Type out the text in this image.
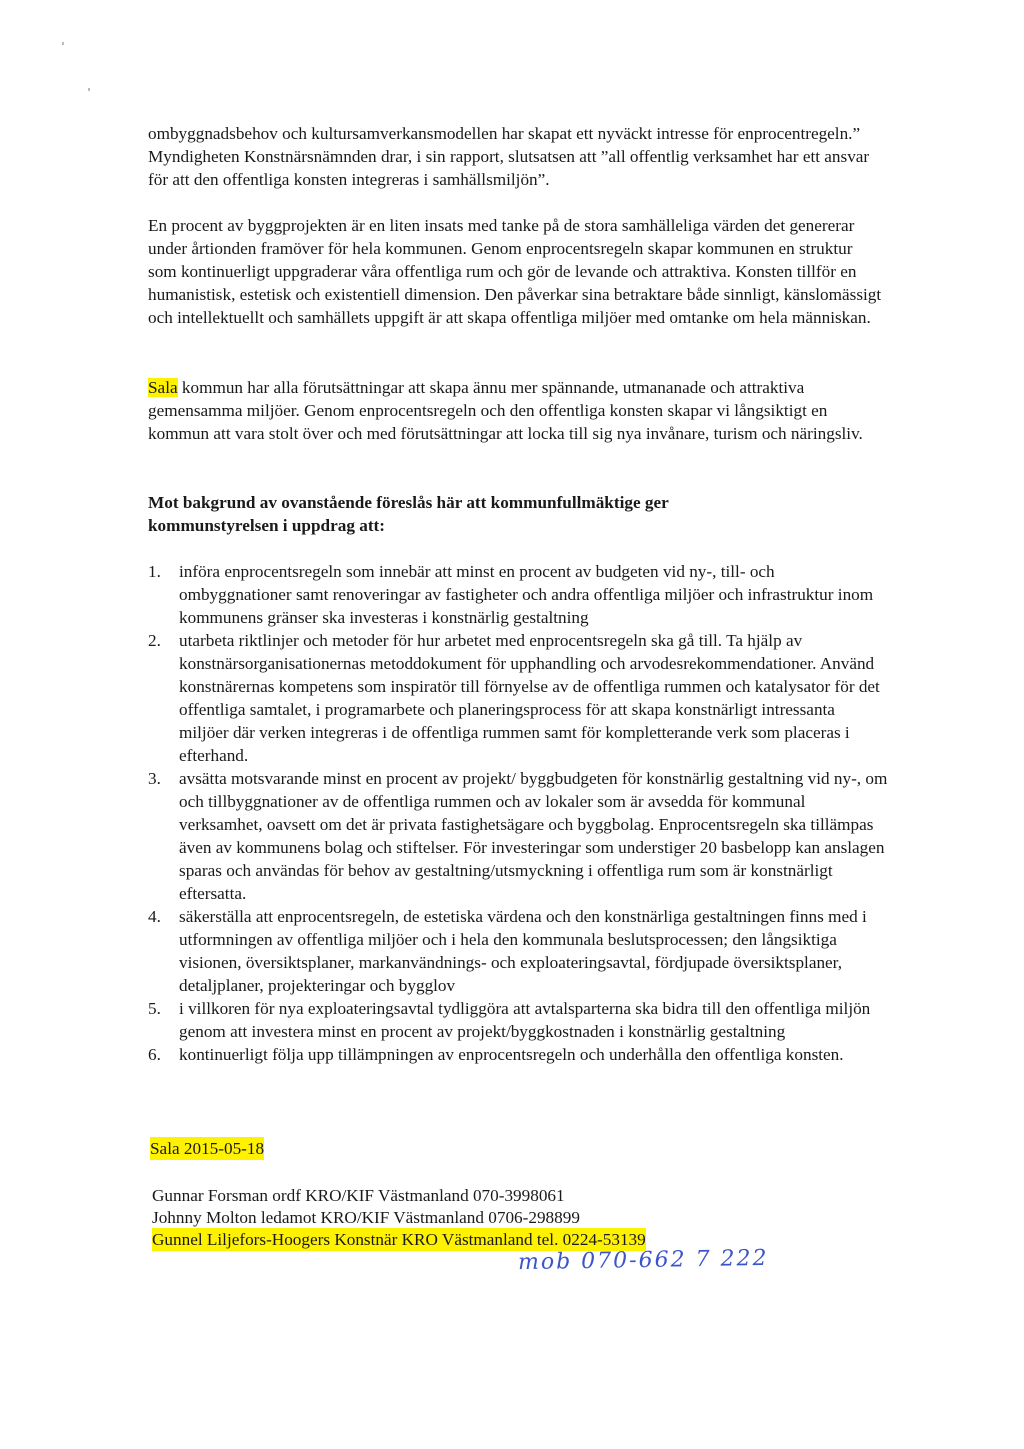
ombyggnadsbehov och kultursamverkansmodellen har skapat ett nyväckt intresse för enprocentregeln.” Myndigheten Konstnärsnämnden drar, i sin rapport, slutsatsen att ”all offentlig verksamhet har ett ansvar för att den offentliga konsten integreras i samhällsmiljön”.

En procent av byggprojekten är en liten insats med tanke på de stora samhälleliga värden det genererar under årtionden framöver för hela kommunen. Genom enprocentsregeln skapar kommunen en struktur som kontinuerligt uppgraderar våra offentliga rum och gör de levande och attraktiva. Konsten tillför en humanistisk, estetisk och existentiell dimension. Den påverkar sina betraktare både sinnligt, känslomässigt och intellektuellt och samhällets uppgift är att skapa offentliga miljöer med omtanke om hela människan.

Sala kommun har alla förutsättningar att skapa ännu mer spännande, utmananade och attraktiva gemensamma miljöer. Genom enprocentsregeln och den offentliga konsten skapar vi långsiktigt en kommun att vara stolt över och med förutsättningar att locka till sig nya invånare, turism och näringsliv.

Mot bakgrund av ovanstående föreslås här att kommunfullmäktige ger kommunstyrelsen i uppdrag att:

1. införa enprocentsregeln som innebär att minst en procent av budgeten vid ny-, till- och ombyggnationer samt renoveringar av fastigheter och andra offentliga miljöer och infrastruktur inom kommunens gränser ska investeras i konstnärlig gestaltning
2. utarbeta riktlinjer och metoder för hur arbetet med enprocentsregeln ska gå till. Ta hjälp av konstnärsorganisationernas metoddokument för upphandling och arvodesrekommendationer. Använd konstnärernas kompetens som inspiratör till förnyelse av de offentliga rummen och katalysator för det offentliga samtalet, i programarbete och planeringsprocess för att skapa konstnärligt intressanta miljöer där verken integreras i de offentliga rummen samt för kompletterande verk som placeras i efterhand.
3. avsätta motsvarande minst en procent av projekt/ byggbudgeten för konstnärlig gestaltning vid ny-, om och tillbyggnationer av de offentliga rummen och av lokaler som är avsedda för kommunal verksamhet, oavsett om det är privata fastighetsägare och byggbolag. Enprocentsregeln ska tillämpas även av kommunens bolag och stiftelser. För investeringar som understiger 20 basbelopp kan anslagen sparas och användas för behov av gestaltning/utsmyckning i offentliga rum som är konstnärligt eftersatta.
4. säkerställa att enprocentsregeln, de estetiska värdena och den konstnärliga gestaltningen finns med i utformningen av offentliga miljöer och i hela den kommunala beslutsprocessen; den långsiktiga visionen, översiktsplaner, markanvändnings- och exploateringsavtal, fördjupade översiktsplaner, detaljplaner, projekteringar och bygglov
5. i villkoren för nya exploateringsavtal tydliggöra att avtalsparterna ska bidra till den offentliga miljön genom att investera minst en procent av projekt/byggkostnaden i konstnärlig gestaltning
6. kontinuerligt följa upp tillämpningen av enprocentsregeln och underhålla den offentliga konsten.
Sala 2015-05-18
Gunnar Forsman ordf KRO/KIF Västmanland 070-3998061
Johnny Molton ledamot KRO/KIF Västmanland 0706-298899
Gunnel Liljefors-Hoogers Konstnär KRO Västmanland tel. 0224-53139
mob 070-662 7 222
